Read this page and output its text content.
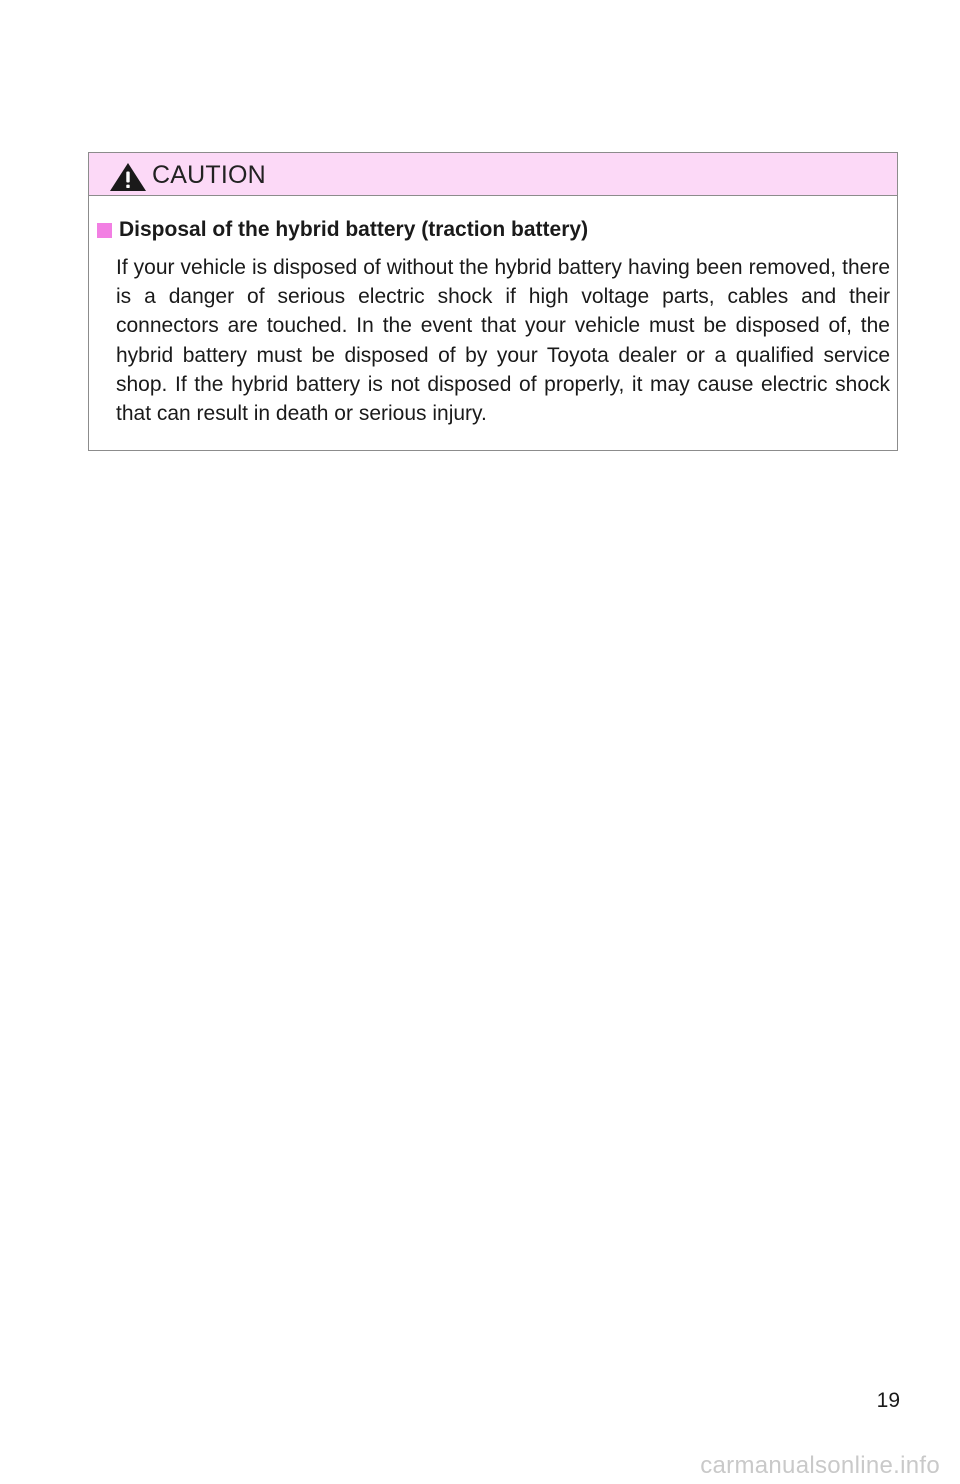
CAUTION
Disposal of the hybrid battery (traction battery)

If your vehicle is disposed of without the hybrid battery having been removed, there is a danger of serious electric shock if high voltage parts, cables and their connectors are touched. In the event that your vehicle must be disposed of, the hybrid battery must be disposed of by your Toyota dealer or a qualified service shop. If the hybrid battery is not disposed of properly, it may cause electric shock that can result in death or serious injury.

19
carmanualsonline.info
